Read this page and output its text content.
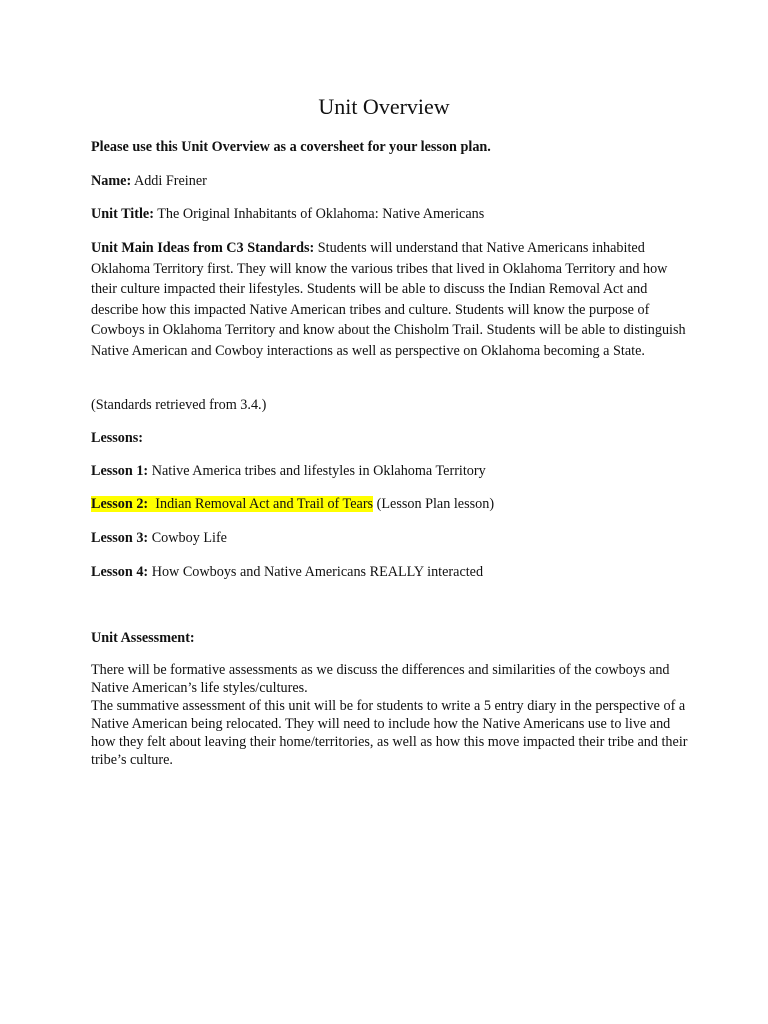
Unit Overview
Please use this Unit Overview as a coversheet for your lesson plan.
Name: Addi Freiner
Unit Title: The Original Inhabitants of Oklahoma: Native Americans
Unit Main Ideas from C3 Standards: Students will understand that Native Americans inhabited Oklahoma Territory first. They will know the various tribes that lived in Oklahoma Territory and how their culture impacted their lifestyles. Students will be able to discuss the Indian Removal Act and describe how this impacted Native American tribes and culture. Students will know the purpose of Cowboys in Oklahoma Territory and know about the Chisholm Trail. Students will be able to distinguish Native American and Cowboy interactions as well as perspective on Oklahoma becoming a State.
(Standards retrieved from 3.4.)
Lessons:
Lesson 1: Native America tribes and lifestyles in Oklahoma Territory
Lesson 2:  Indian Removal Act and Trail of Tears (Lesson Plan lesson)
Lesson 3: Cowboy Life
Lesson 4: How Cowboys and Native Americans REALLY interacted
Unit Assessment:
There will be formative assessments as we discuss the differences and similarities of the cowboys and Native American’s life styles/cultures.
The summative assessment of this unit will be for students to write a 5 entry diary in the perspective of a Native American being relocated. They will need to include how the Native Americans use to live and how they felt about leaving their home/territories, as well as how this move impacted their tribe and their tribe’s culture.
